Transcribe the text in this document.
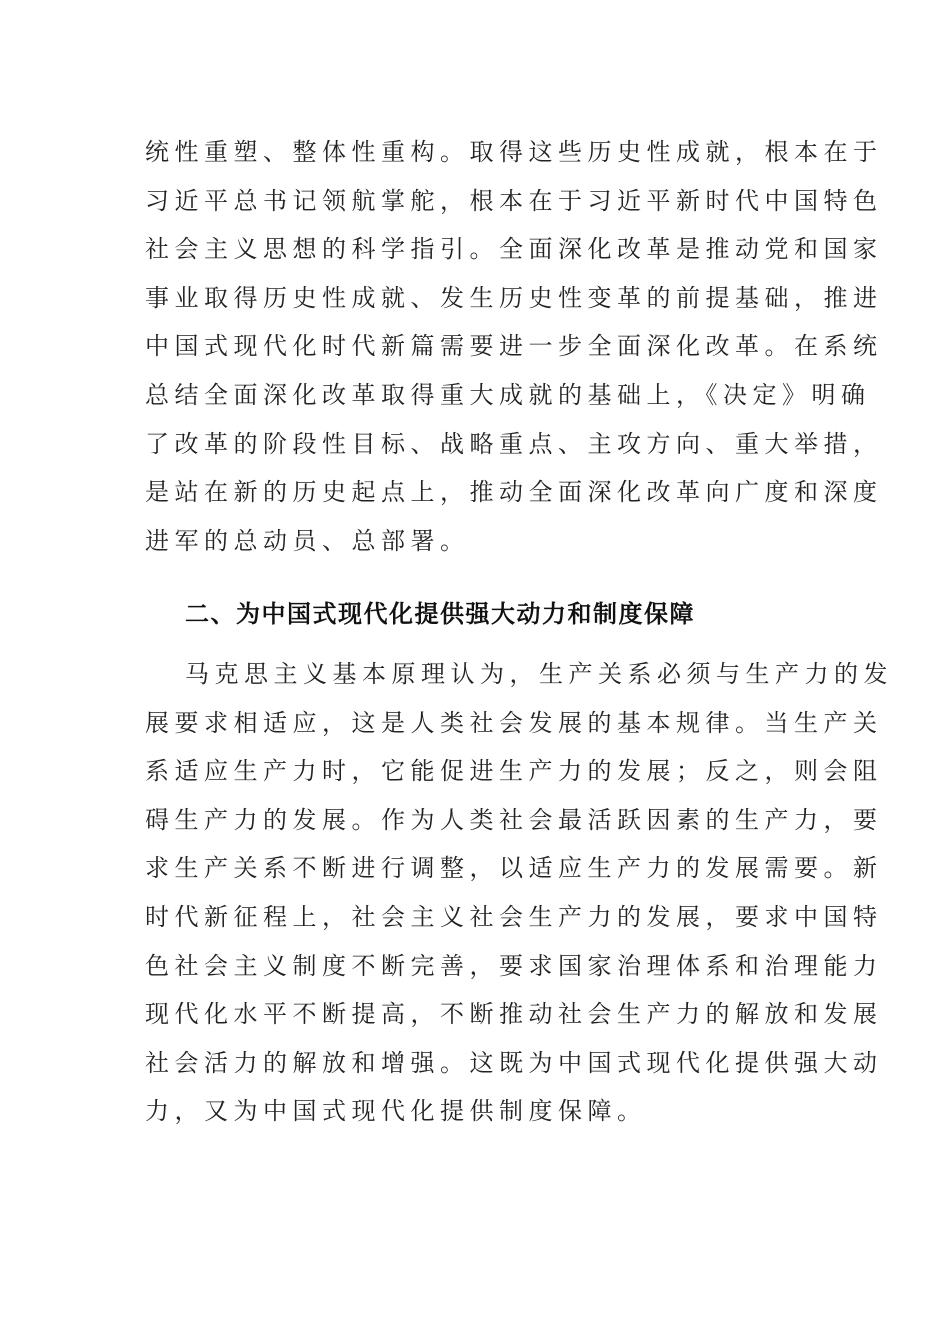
统性重塑、整体性重构。取得这些历史性成就，根本在于
习近平总书记领航掌舵，根本在于习近平新时代中国特色
社会主义思想的科学指引。全面深化改革是推动党和国家
事业取得历史性成就、发生历史性变革的前提基础，推进
中国式现代化时代新篇需要进一步全面深化改革。在系统
总结全面深化改革取得重大成就的基础上，《决定》明确
了改革的阶段性目标、战略重点、主攻方向、重大举措，
是站在新的历史起点上，推动全面深化改革向广度和深度
进军的总动员、总部署。
二、为中国式现代化提供强大动力和制度保障
马克思主义基本原理认为，生产关系必须与生产力的发
展要求相适应，这是人类社会发展的基本规律。当生产关
系适应生产力时，它能促进生产力的发展；反之，则会阻
碍生产力的发展。作为人类社会最活跃因素的生产力，要
求生产关系不断进行调整，以适应生产力的发展需要。新
时代新征程上，社会主义社会生产力的发展，要求中国特
色社会主义制度不断完善，要求国家治理体系和治理能力
现代化水平不断提高，不断推动社会生产力的解放和发展
社会活力的解放和增强。这既为中国式现代化提供强大动
力，又为中国式现代化提供制度保障。
